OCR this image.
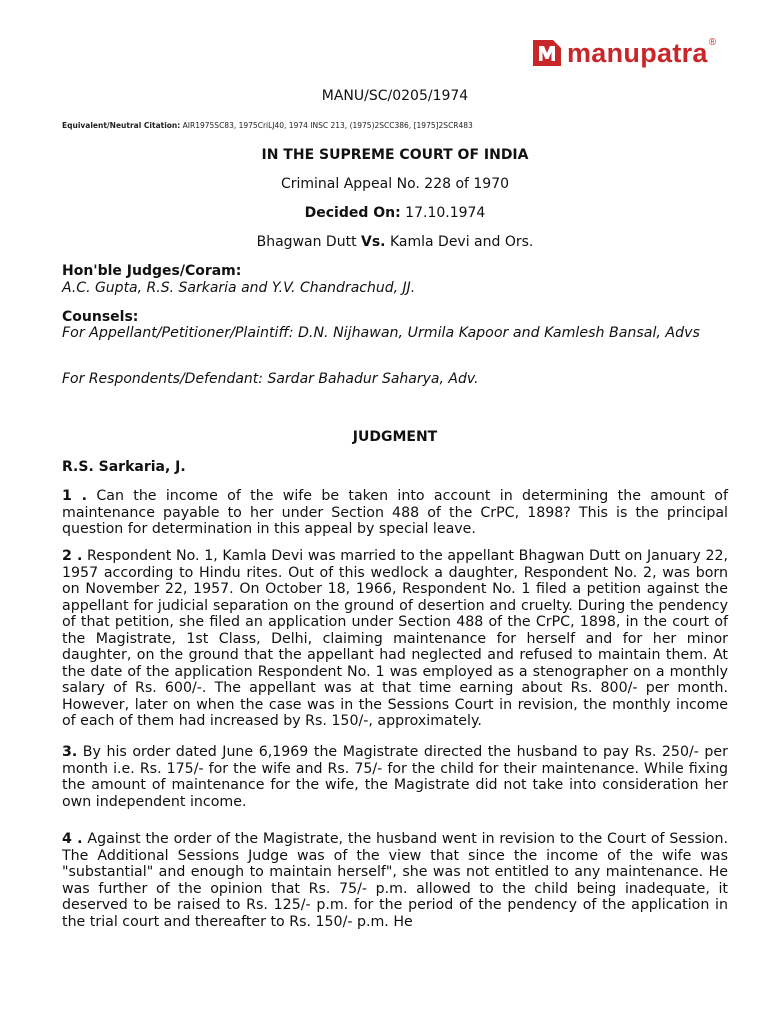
manupatra ®
MANU/SC/0205/1974
Equivalent/Neutral Citation: AIR1975SC83, 1975CriLJ40, 1974 INSC 213, (1975)2SCC386, [1975]2SCR483
IN THE SUPREME COURT OF INDIA
Criminal Appeal No. 228 of 1970
Decided On: 17.10.1974
Bhagwan Dutt Vs. Kamla Devi and Ors.
Hon'ble Judges/Coram:
A.C. Gupta, R.S. Sarkaria and Y.V. Chandrachud, JJ.
Counsels:
For Appellant/Petitioner/Plaintiff: D.N. Nijhawan, Urmila Kapoor and Kamlesh Bansal, Advs
For Respondents/Defendant: Sardar Bahadur Saharya, Adv.
JUDGMENT
R.S. Sarkaria, J.
1 . Can the income of the wife be taken into account in determining the amount of maintenance payable to her under Section 488 of the CrPC, 1898? This is the principal question for determination in this appeal by special leave.
2 . Respondent No. 1, Kamla Devi was married to the appellant Bhagwan Dutt on January 22, 1957 according to Hindu rites. Out of this wedlock a daughter, Respondent No. 2, was born on November 22, 1957. On October 18, 1966, Respondent No. 1 filed a petition against the appellant for judicial separation on the ground of desertion and cruelty. During the pendency of that petition, she filed an application under Section 488 of the CrPC, 1898, in the court of the Magistrate, 1st Class, Delhi, claiming maintenance for herself and for her minor daughter, on the ground that the appellant had neglected and refused to maintain them. At the date of the application Respondent No. 1 was employed as a stenographer on a monthly salary of Rs. 600/-. The appellant was at that time earning about Rs. 800/- per month. However, later on when the case was in the Sessions Court in revision, the monthly income of each of them had increased by Rs. 150/-, approximately.
3. By his order dated June 6,1969 the Magistrate directed the husband to pay Rs. 250/- per month i.e. Rs. 175/- for the wife and Rs. 75/- for the child for their maintenance. While fixing the amount of maintenance for the wife, the Magistrate did not take into consideration her own independent income.
4 . Against the order of the Magistrate, the husband went in revision to the Court of Session. The Additional Sessions Judge was of the view that since the income of the wife was "substantial" and enough to maintain herself", she was not entitled to any maintenance. He was further of the opinion that Rs. 75/- p.m. allowed to the child being inadequate, it deserved to be raised to Rs. 125/- p.m. for the period of the pendency of the application in the trial court and thereafter to Rs. 150/- p.m. He
